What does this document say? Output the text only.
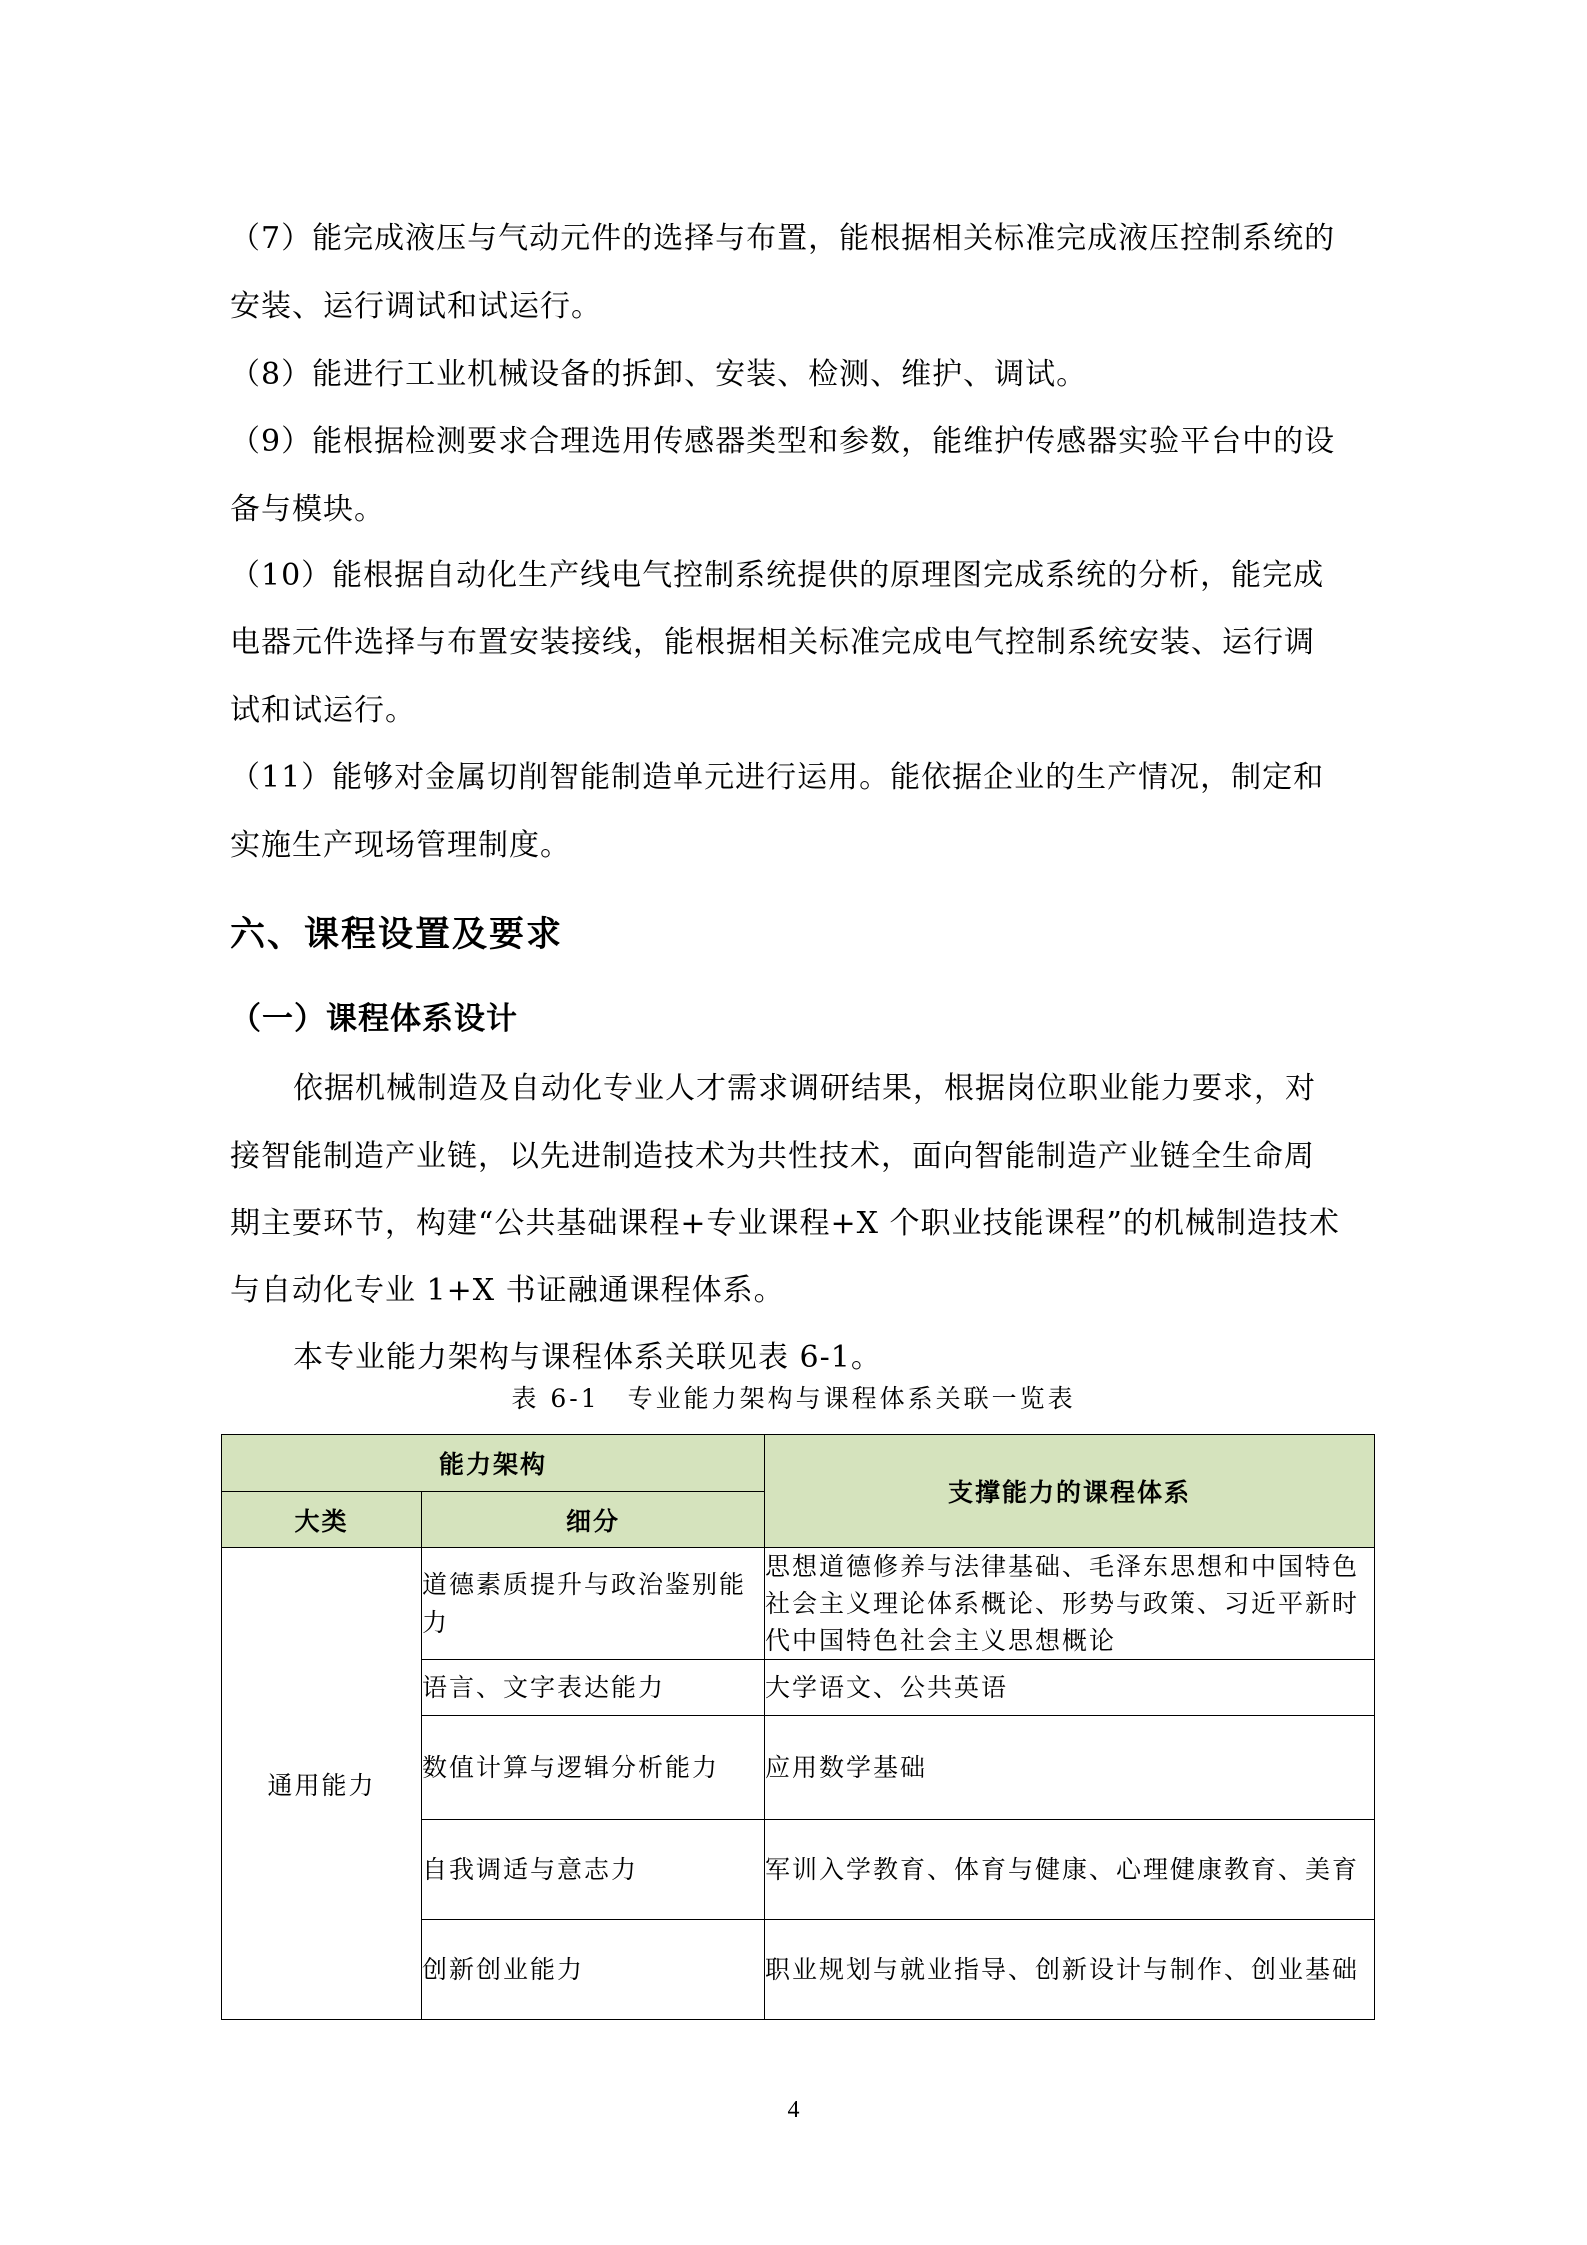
（7）能完成液压与气动元件的选择与布置，能根据相关标准完成液压控制系统的
安装、运行调试和试运行。
（8）能进行工业机械设备的拆卸、安装、检测、维护、调试。
（9）能根据检测要求合理选用传感器类型和参数，能维护传感器实验平台中的设
备与模块。
（10）能根据自动化生产线电气控制系统提供的原理图完成系统的分析，能完成
电器元件选择与布置安装接线，能根据相关标准完成电气控制系统安装、运行调
试和试运行。
（11）能够对金属切削智能制造单元进行运用。能依据企业的生产情况，制定和
实施生产现场管理制度。
六、课程设置及要求
（一）课程体系设计
依据机械制造及自动化专业人才需求调研结果，根据岗位职业能力要求，对
接智能制造产业链，以先进制造技术为共性技术，面向智能制造产业链全生命周
期主要环节，构建“公共基础课程+专业课程+X 个职业技能课程”的机械制造技术
与自动化专业 1+X 书证融通课程体系。
本专业能力架构与课程体系关联见表 6-1。
表 6-1　专业能力架构与课程体系关联一览表
能力架构		支撑能力的课程体系
大类	细分	
通用能力	道德素质提升与政治鉴别能力	思想道德修养与法律基础、毛泽东思想和中国特色社会主义理论体系概论、形势与政策、习近平新时代中国特色社会主义思想概论
	语言、文字表达能力	大学语文、公共英语
	数值计算与逻辑分析能力	应用数学基础
	自我调适与意志力	军训入学教育、体育与健康、心理健康教育、美育
	创新创业能力	职业规划与就业指导、创新设计与制作、创业基础
4
